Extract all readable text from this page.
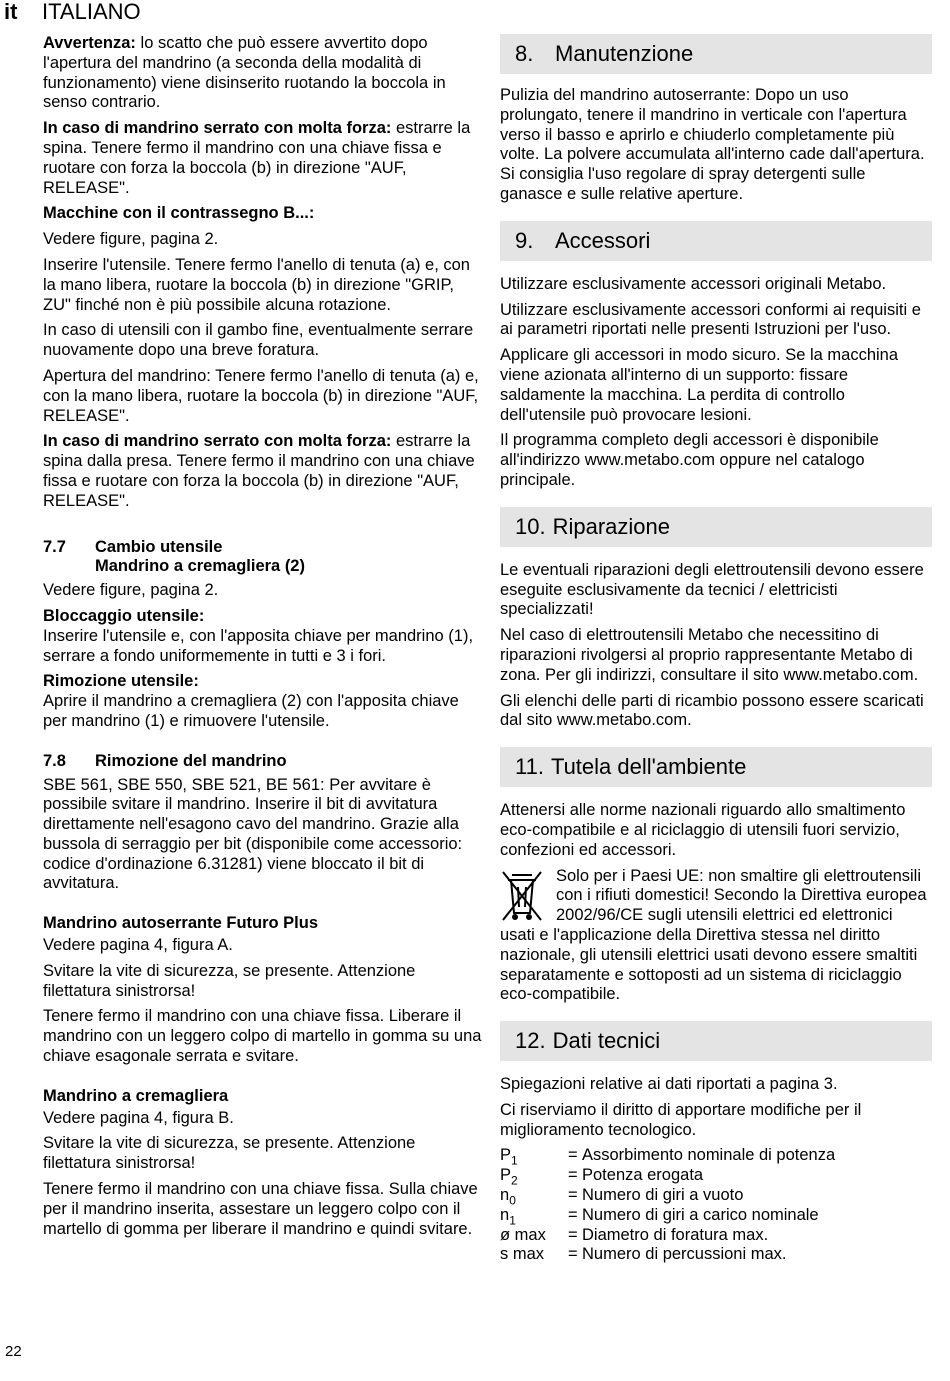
it ITALIANO

Avvertenza: lo scatto che può essere avvertito dopo l'apertura del mandrino (a seconda della modalità di funzionamento) viene disinserito ruotando la boccola in senso contrario.

In caso di mandrino serrato con molta forza: estrarre la spina. Tenere fermo il mandrino con una chiave fissa e ruotare con forza la boccola (b) in direzione "AUF, RELEASE".

Macchine con il contrassegno B...:

Vedere figure, pagina 2.

Inserire l'utensile. Tenere fermo l'anello di tenuta (a) e, con la mano libera, ruotare la boccola (b) in direzione "GRIP, ZU" finché non è più possibile alcuna rotazione.

In caso di utensili con il gambo fine, eventualmente serrare nuovamente dopo una breve foratura.

Apertura del mandrino: Tenere fermo l'anello di tenuta (a) e, con la mano libera, ruotare la boccola (b) in direzione "AUF, RELEASE".

In caso di mandrino serrato con molta forza: estrarre la spina dalla presa. Tenere fermo il mandrino con una chiave fissa e ruotare con forza la boccola (b) in direzione "AUF, RELEASE".

7.7	Cambio utensile
Mandrino a cremagliera (2)

Vedere figure, pagina 2.

Bloccaggio utensile:

Inserire l'utensile e, con l'apposita chiave per mandrino (1), serrare a fondo uniformemente in tutti e 3 i fori.

Rimozione utensile:

Aprire il mandrino a cremagliera (2) con l'apposita chiave per mandrino (1) e rimuovere l'utensile.

7.8	Rimozione del mandrino

SBE 561, SBE 550, SBE 521, BE 561: Per avvitare è possibile svitare il mandrino. Inserire il bit di avvitatura direttamente nell'esagono cavo del mandrino. Grazie alla bussola di serraggio per bit (disponibile come accessorio: codice d'ordinazione 6.31281) viene bloccato il bit di avvitatura.

Mandrino autoserrante Futuro Plus

Vedere pagina 4, figura A.

Svitare la vite di sicurezza, se presente. Attenzione filettatura sinistrorsa!

Tenere fermo il mandrino con una chiave fissa. Liberare il mandrino con un leggero colpo di martello in gomma su una chiave esagonale serrata e svitare.

Mandrino a cremagliera

Vedere pagina 4, figura B.

Svitare la vite di sicurezza, se presente. Attenzione filettatura sinistrorsa!

Tenere fermo il mandrino con una chiave fissa. Sulla chiave per il mandrino inserita, assestare un leggero colpo con il martello di gomma per liberare il mandrino e quindi svitare.

8. Manutenzione

Pulizia del mandrino autoserrante: Dopo un uso prolungato, tenere il mandrino in verticale con l'apertura verso il basso e aprirlo e chiuderlo completamente più volte. La polvere accumulata all'interno cade dall'apertura. Si consiglia l'uso regolare di spray detergenti sulle ganasce e sulle relative aperture.

9. Accessori

Utilizzare esclusivamente accessori originali Metabo.

Utilizzare esclusivamente accessori conformi ai requisiti e ai parametri riportati nelle presenti Istruzioni per l'uso.

Applicare gli accessori in modo sicuro. Se la macchina viene azionata all'interno di un supporto: fissare saldamente la macchina. La perdita di controllo dell'utensile può provocare lesioni.

Il programma completo degli accessori è disponibile all'indirizzo www.metabo.com oppure nel catalogo principale.

10. Riparazione

Le eventuali riparazioni degli elettroutensili devono essere eseguite esclusivamente da tecnici / elettricisti specializzati!

Nel caso di elettroutensili Metabo che necessitino di riparazioni rivolgersi al proprio rappresentante Metabo di zona. Per gli indirizzi, consultare il sito www.metabo.com.

Gli elenchi delle parti di ricambio possono essere scaricati dal sito www.metabo.com.

11. Tutela dell'ambiente

Attenersi alle norme nazionali riguardo allo smaltimento eco-compatibile e al riciclaggio di utensili fuori servizio, confezioni ed accessori.

Solo per i Paesi UE: non smaltire gli elettroutensili con i rifiuti domestici! Secondo la Direttiva europea 2002/96/CE sugli utensili elettrici ed elettronici usati e l'applicazione della Direttiva stessa nel diritto nazionale, gli utensili elettrici usati devono essere smaltiti separatamente e sottoposti ad un sistema di riciclaggio eco-compatibile.

12. Dati tecnici

Spiegazioni relative ai dati riportati a pagina 3.

Ci riserviamo il diritto di apportare modifiche per il miglioramento tecnologico.

$P_1$	= Assorbimento nominale di potenza
$P_2$	= Potenza erogata
$n_0$	= Numero di giri a vuoto
$n_1$	= Numero di giri a carico nominale
ø max	= Diametro di foratura max.
s max	= Numero di percussioni max.
22
